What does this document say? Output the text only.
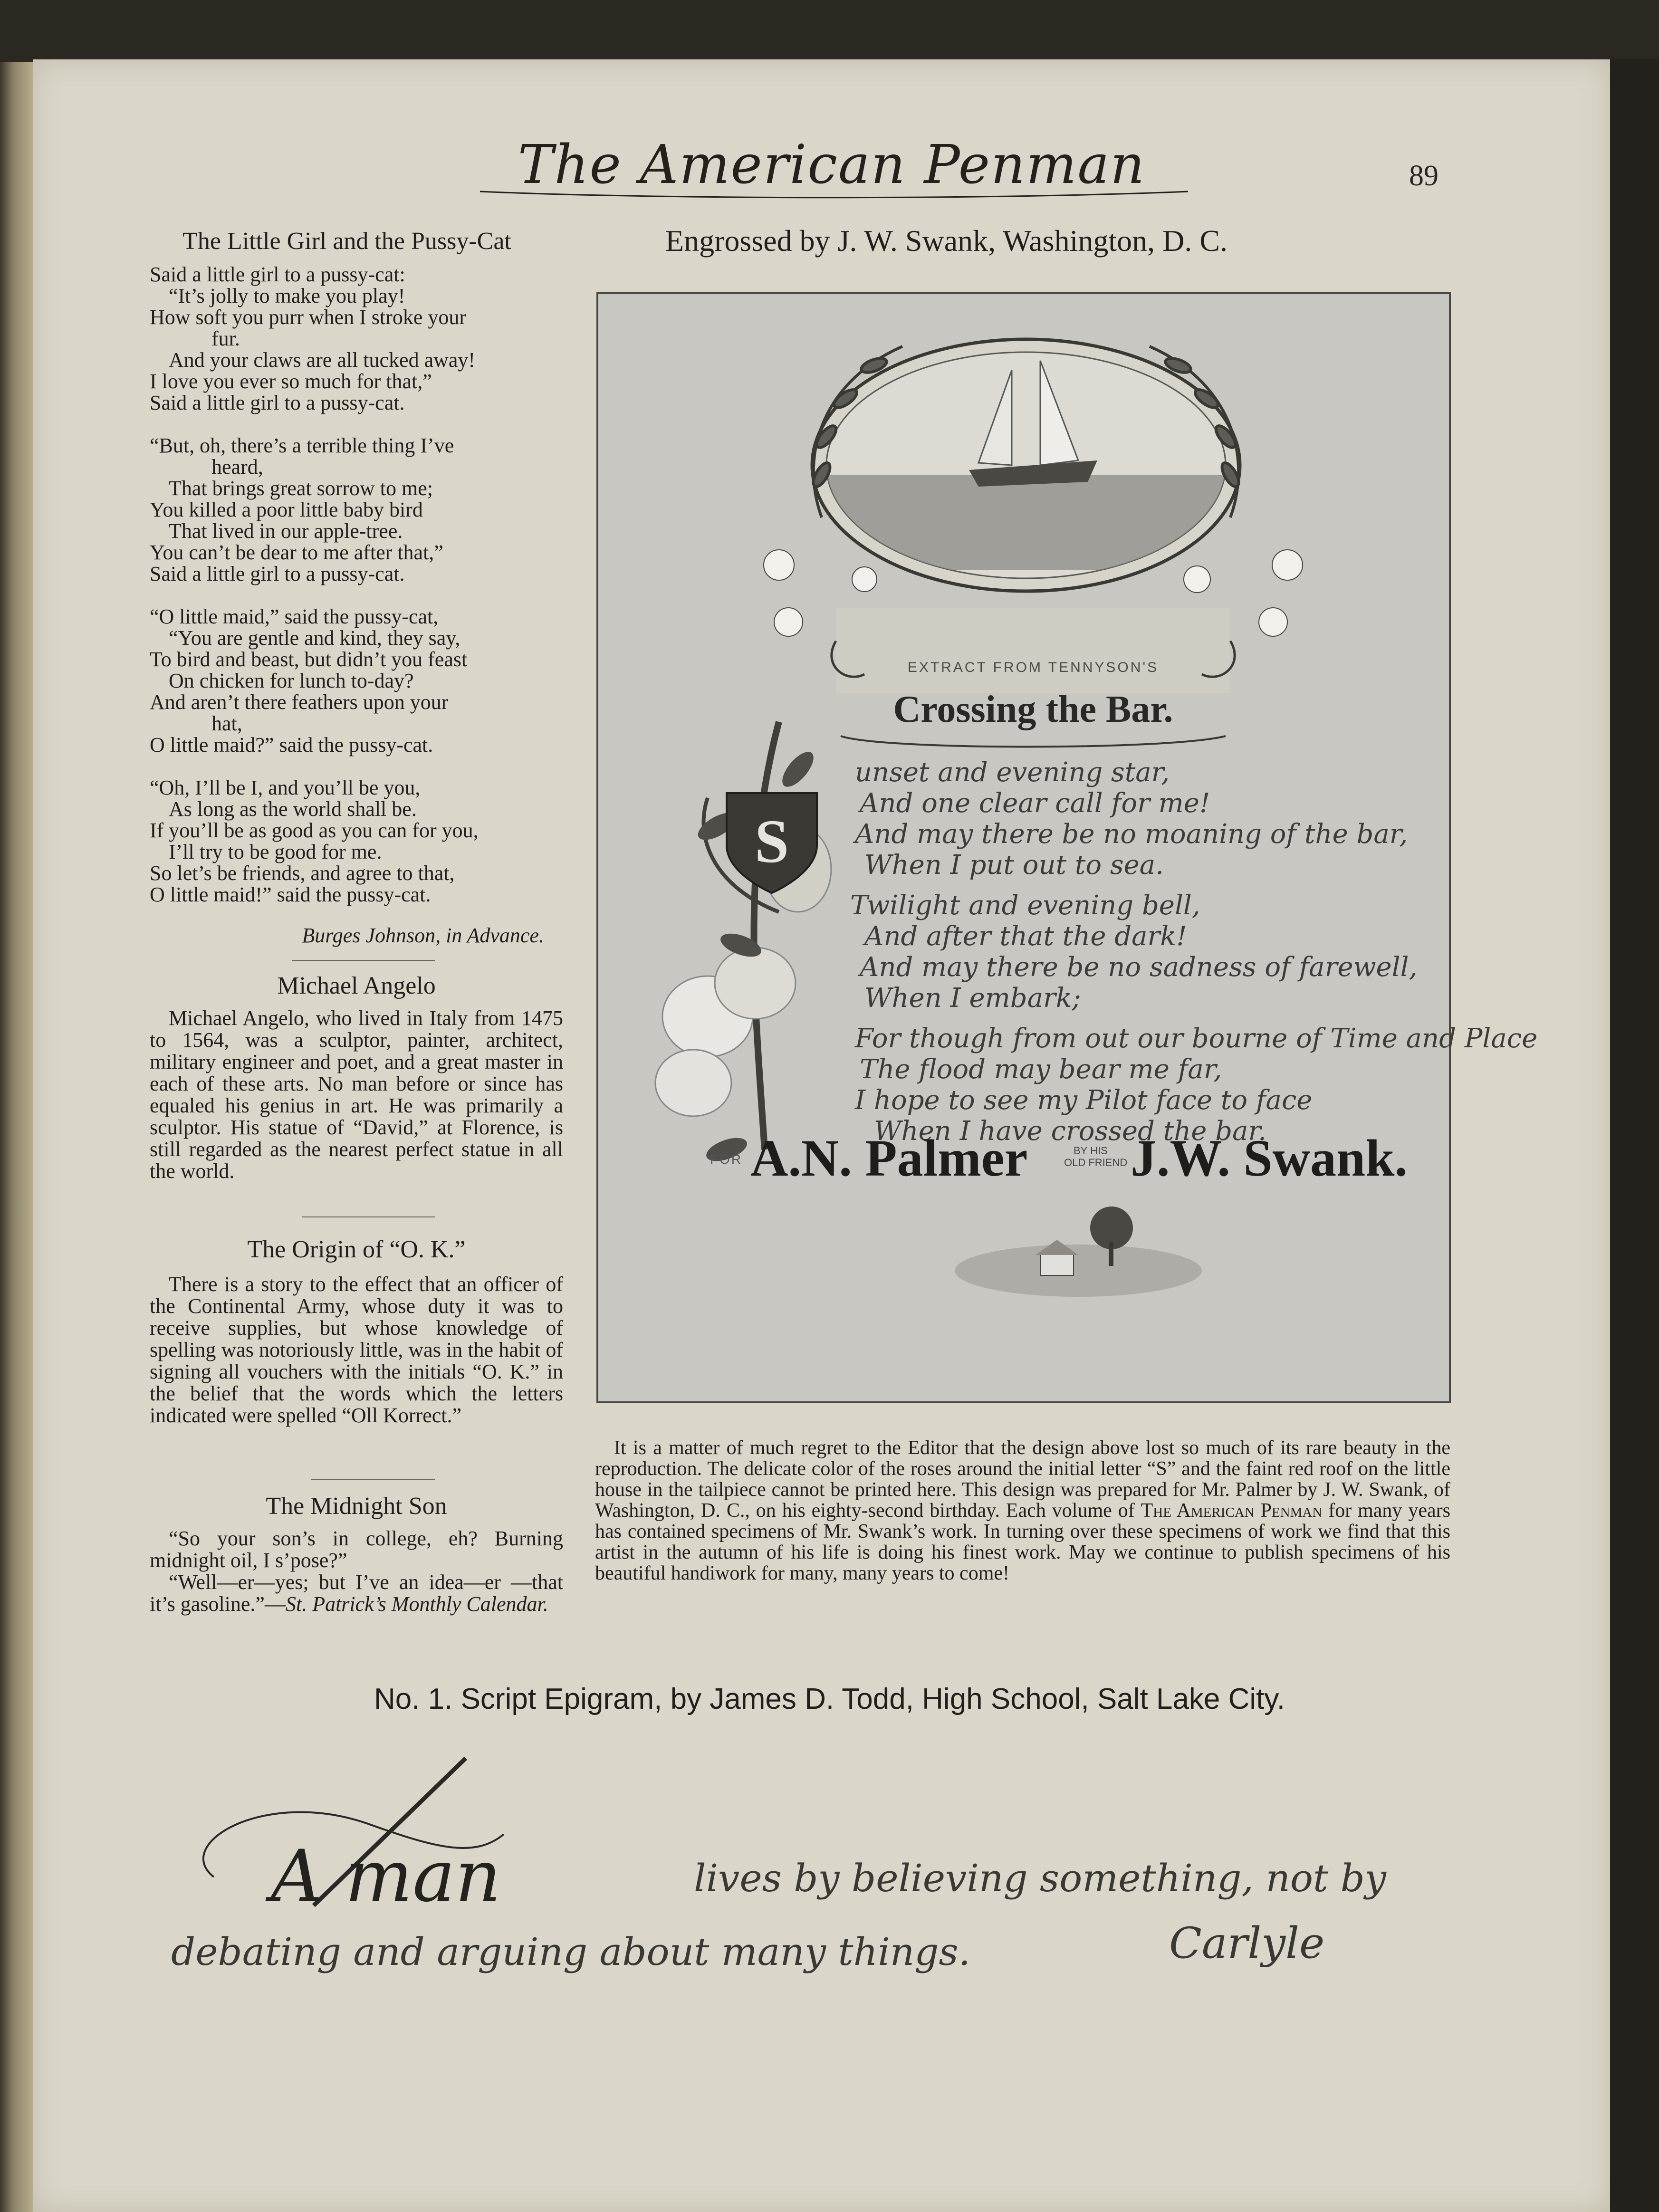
The American Penman	89
The Little Girl and the Pussy-Cat
Said a little girl to a pussy-cat:
“It’s jolly to make you play!
How soft you purr when I stroke your
fur.
And your claws are all tucked away!
I love you ever so much for that,”
Said a little girl to a pussy-cat.
“But, oh, there’s a terrible thing I’ve
heard,
That brings great sorrow to me;
You killed a poor little baby bird
That lived in our apple-tree.
You can’t be dear to me after that,”
Said a little girl to a pussy-cat.
“O little maid,” said the pussy-cat,
“You are gentle and kind, they say,
To bird and beast, but didn’t you feast
On chicken for lunch to-day?
And aren’t there feathers upon your
hat,
O little maid?” said the pussy-cat.
“Oh, I’ll be I, and you’ll be you,
As long as the world shall be.
If you’ll be as good as you can for you,
I’ll try to be good for me.
So let’s be friends, and agree to that,
O little maid!” said the pussy-cat.
Burges Johnson, in Advance.
Michael Angelo

Michael Angelo, who lived in Italy from 1475 to 1564, was a sculptor, painter, architect, military engineer and poet, and a great master in each of these arts. No man before or since has equaled his genius in art. He was primarily a sculptor. His statue of “David,” at Florence, is still regarded as the nearest perfect statue in all the world.

The Origin of “O. K.”

There is a story to the effect that an officer of the Continental Army, whose duty it was to receive supplies, but whose knowledge of spelling was notoriously little, was in the habit of signing all vouchers with the initials “O. K.” in the belief that the words which the letters indicated were spelled “Oll Korrect.”

The Midnight Son

“So your son’s in college, eh? Burning midnight oil, I s’pose?”

“Well—er—yes; but I’ve an idea—er —that it’s gasoline.”—St. Patrick’s Monthly Calendar.

Engrossed by J. W. Swank, Washington, D. C.
EXTRACT FROM TENNYSON'S
Crossing the Bar.
S
unset and evening star,
And one clear call for me!
And may there be no moaning of the bar,
When I put out to sea.
Twilight and evening bell,
And after that the dark!
And may there be no sadness of farewell,
When I embark;
For though from out our bourne of Time and Place
The flood may bear me far,
I hope to see my Pilot face to face
When I have crossed the bar.
FOR A.N. Palmer	BY HIS
OLD FRIEND J.W. Swank.

It is a matter of much regret to the Editor that the design above lost so much of its rare beauty in the reproduction. The delicate color of the roses around the initial letter “S” and the faint red roof on the little house in the tailpiece cannot be printed here. This design was prepared for Mr. Palmer by J. W. Swank, of Washington, D. C., on his eighty-second birthday. Each volume of The American Penman for many years has contained specimens of Mr. Swank’s work. In turning over these specimens of work we find that this artist in the autumn of his life is doing his finest work. May we continue to publish specimens of his beautiful handiwork for many, many years to come!

No. 1. Script Epigram, by James D. Todd, High School, Salt Lake City.
A man	lives by believing something, not by
debating and arguing about many things.	Carlyle
